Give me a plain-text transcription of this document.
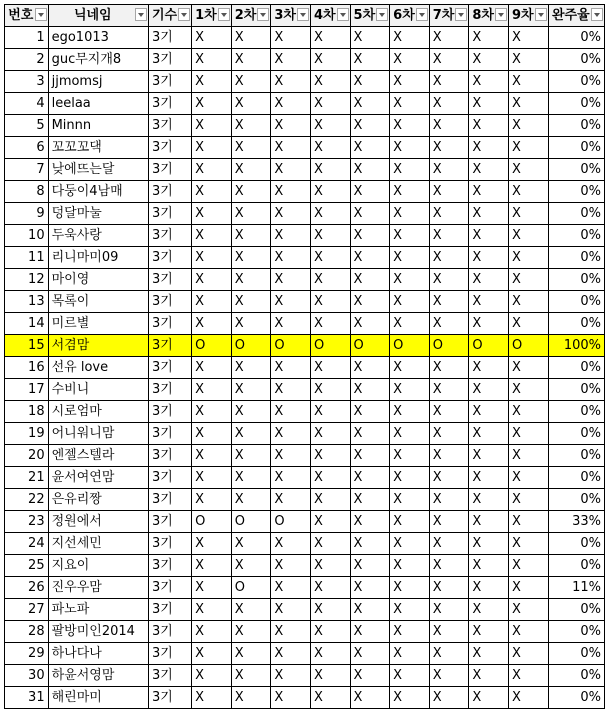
번호	닉네임	기수	1차	2차	3차	4차	5차	6차	7차	8차	9차	완주율

1	ego1013	3기	X	X	X	X	X	X	X	X	X	0%
2	guc무지개8	3기	X	X	X	X	X	X	X	X	X	0%
3	jjmomsj	3기	X	X	X	X	X	X	X	X	X	0%
4	leelaa	3기	X	X	X	X	X	X	X	X	X	0%
5	Minnn	3기	X	X	X	X	X	X	X	X	X	0%
6	꼬꼬꼬댁	3기	X	X	X	X	X	X	X	X	X	0%
7	낮에뜨는달	3기	X	X	X	X	X	X	X	X	X	0%
8	다둥이4남매	3기	X	X	X	X	X	X	X	X	X	0%
9	덩달마눌	3기	X	X	X	X	X	X	X	X	X	0%
10	두욱사랑	3기	X	X	X	X	X	X	X	X	X	0%
11	리니마미09	3기	X	X	X	X	X	X	X	X	X	0%
12	마이영	3기	X	X	X	X	X	X	X	X	X	0%
13	목록이	3기	X	X	X	X	X	X	X	X	X	0%
14	미르별	3기	X	X	X	X	X	X	X	X	X	0%
15	서겸맘	3기	O	O	O	O	O	O	O	O	O	100%
16	선유 love	3기	X	X	X	X	X	X	X	X	X	0%
17	수비니	3기	X	X	X	X	X	X	X	X	X	0%
18	시로엄마	3기	X	X	X	X	X	X	X	X	X	0%
19	어니워니맘	3기	X	X	X	X	X	X	X	X	X	0%
20	엔젤스텔라	3기	X	X	X	X	X	X	X	X	X	0%
21	윤서여연맘	3기	X	X	X	X	X	X	X	X	X	0%
22	은유리짱	3기	X	X	X	X	X	X	X	X	X	0%
23	정원에서	3기	O	O	O	X	X	X	X	X	X	33%
24	지선세민	3기	X	X	X	X	X	X	X	X	X	0%
25	지요이	3기	X	X	X	X	X	X	X	X	X	0%
26	진우우맘	3기	X	O	X	X	X	X	X	X	X	11%
27	파노파	3기	X	X	X	X	X	X	X	X	X	0%
28	팔방미인2014	3기	X	X	X	X	X	X	X	X	X	0%
29	하나다나	3기	X	X	X	X	X	X	X	X	X	0%
30	하윤서영맘	3기	X	X	X	X	X	X	X	X	X	0%
31	해린마미	3기	X	X	X	X	X	X	X	X	X	0%
